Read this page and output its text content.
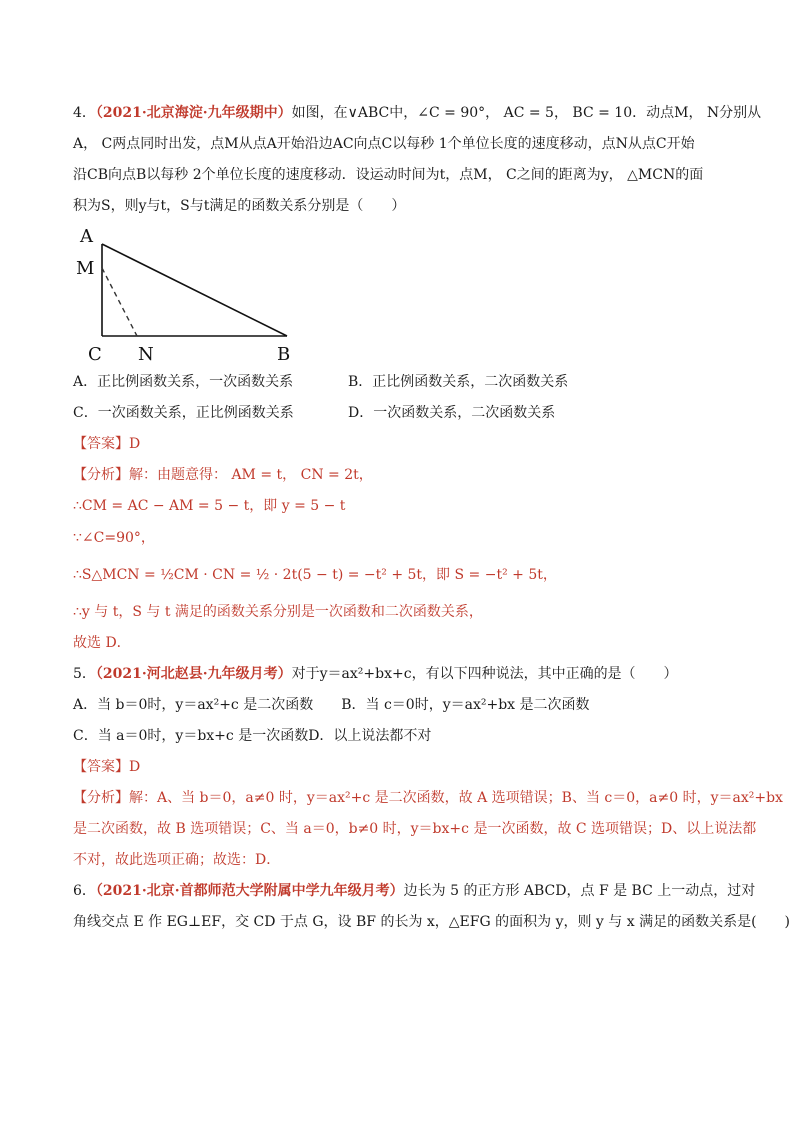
4．（2021·北京海淀·九年级期中）如图，在∨ABC中，∠C = 90°， AC = 5， BC = 10．动点M， N分别从
A， C两点同时出发，点M从点A开始沿边AC向点C以每秒 1个单位长度的速度移动，点N从点C开始
沿CB向点B以每秒 2个单位长度的速度移动．设运动时间为t，点M， C之间的距离为y， △MCN的面
积为S，则y与t，S与t满足的函数关系分别是（　　）
A
M
C N	B
A．正比例函数关系，一次函数关系	B．正比例函数关系，二次函数关系
C．一次函数关系，正比例函数关系	D．一次函数关系，二次函数关系
【答案】D
【分析】解：由题意得： AM = t， CN = 2t，
∴CM = AC − AM = 5 − t，即 y = 5 − t
∵∠C=90°，
∴S△MCN = ½CM · CN = ½ · 2t(5 − t) = −t² + 5t，即 S = −t² + 5t，
∴y 与 t，S 与 t 满足的函数关系分别是一次函数和二次函数关系，
故选 D．
5．（2021·河北赵县·九年级月考）对于y＝ax²+bx+c，有以下四种说法，其中正确的是（　　）
A．当 b＝0时，y＝ax²+c 是二次函数　　B．当 c＝0时，y＝ax²+bx 是二次函数
C．当 a＝0时，y＝bx+c 是一次函数D．以上说法都不对
【答案】D
【分析】解：A、当 b＝0，a≠0 时，y＝ax²+c 是二次函数，故 A 选项错误；B、当 c＝0，a≠0 时，y＝ax²+bx
是二次函数，故 B 选项错误；C、当 a＝0，b≠0 时，y＝bx+c 是一次函数，故 C 选项错误；D、以上说法都
不对，故此选项正确；故选：D．
6．（2021·北京·首都师范大学附属中学九年级月考）边长为 5 的正方形 ABCD，点 F 是 BC 上一动点，过对
角线交点 E 作 EG⊥EF，交 CD 于点 G，设 BF 的长为 x，△EFG 的面积为 y，则 y 与 x 满足的函数关系是(　　)
